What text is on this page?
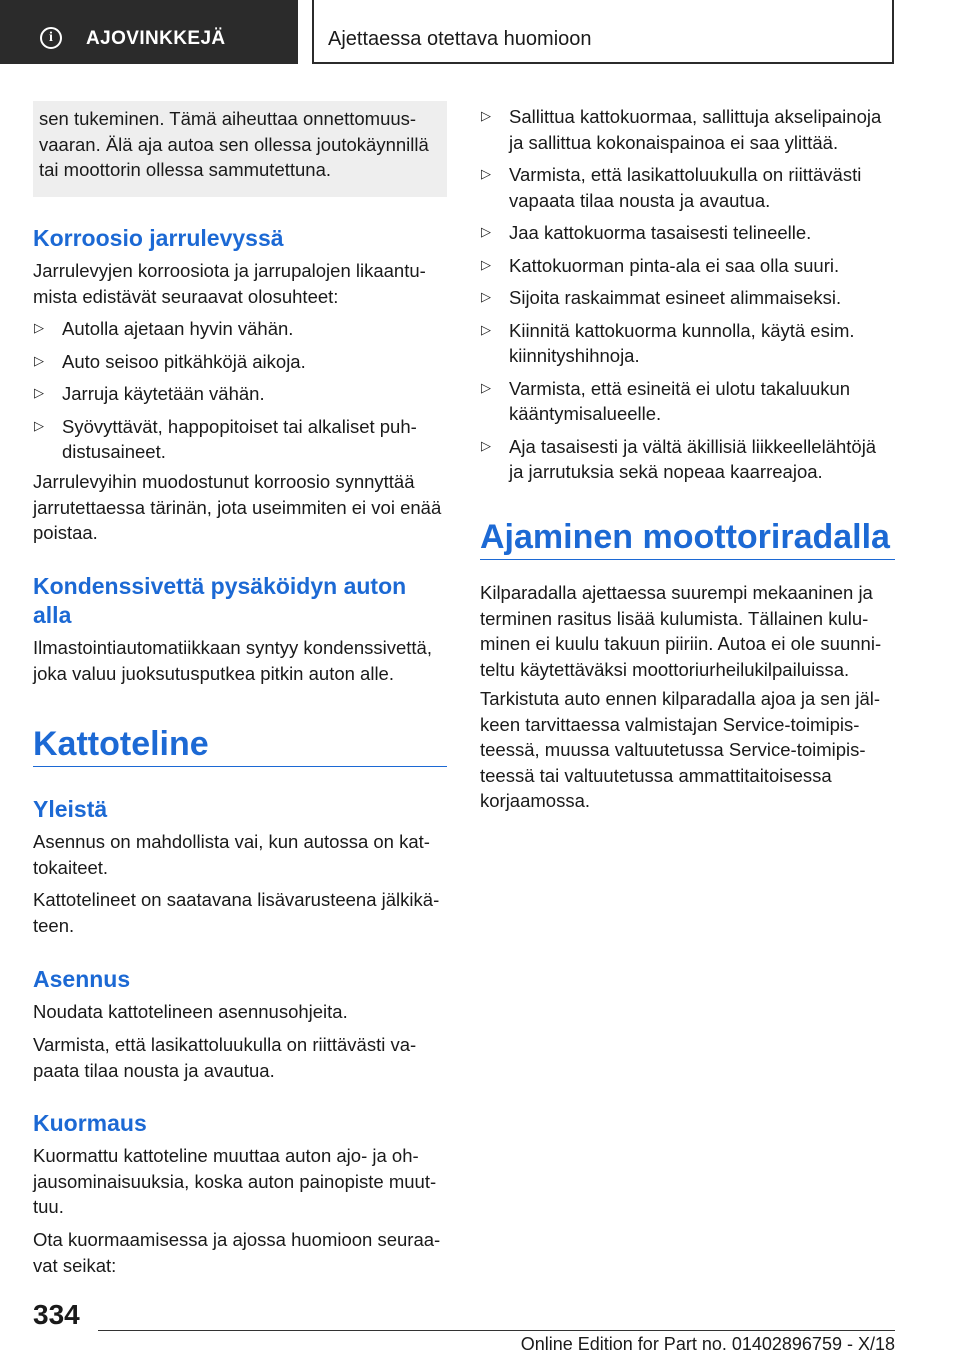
i	AJOVINKKEJÄ	Ajettaessa otettava huomioon

sen tukeminen. Tämä aiheuttaa onnettomuusvaaran. Älä aja autoa sen ollessa joutokäynnillä tai moottorin ollessa sammutettuna.

Korroosio jarrulevyssä

Jarrulevyjen korroosiota ja jarrupalojen likaantumista edistävät seuraavat olosuhteet:

▷ Autolla ajetaan hyvin vähän.
▷ Auto seisoo pitkähköjä aikoja.
▷ Jarruja käytetään vähän.
▷ Syövyttävät, happopitoiset tai alkaliset puhdistusaineet.

Jarrulevyihin muodostunut korroosio synnyttää jarrutettaessa tärinän, jota useimmiten ei voi enää poistaa.

Kondenssivettä pysäköidyn auton alla

Ilmastointiautomatiikkaan syntyy kondenssivettä, joka valuu juoksutusputkea pitkin auton alle.

Kattoteline
Yleistä

Asennus on mahdollista vai, kun autossa on kattokaiteet.

Kattotelineet on saatavana lisävarusteena jälkikäteen.

Asennus

Noudata kattotelineen asennusohjeita.

Varmista, että lasikattoluukulla on riittävästi vapaata tilaa nousta ja avautua.

Kuormaus

Kuormattu kattoteline muuttaa auton ajo- ja ohjausominaisuuksia, koska auton painopiste muuttuu.

Ota kuormaamisessa ja ajossa huomioon seuraavat seikat:

▷ Sallittua kattokuormaa, sallittuja akselipainoja ja sallittua kokonaispainoa ei saa ylittää.
▷ Varmista, että lasikattoluukulla on riittävästi vapaata tilaa nousta ja avautua.
▷ Jaa kattokuorma tasaisesti telineelle.
▷ Kattokuorman pinta-ala ei saa olla suuri.
▷ Sijoita raskaimmat esineet alimmaiseksi.
▷ Kiinnitä kattokuorma kunnolla, käytä esim. kiinnityshihnoja.
▷ Varmista, että esineitä ei ulotu takaluukun kääntymisalueelle.
▷ Aja tasaisesti ja vältä äkillisiä liikkeellelähtöjä ja jarrutuksia sekä nopeaa kaarreajoa.
Ajaminen moottoriradalla

Kilparadalla ajettaessa suurempi mekaaninen ja terminen rasitus lisää kulumista. Tällainen kuluminen ei kuulu takuun piiriin. Autoa ei ole suunniteltu käytettäväksi moottoriurheilukilpailuissa.

Tarkistuta auto ennen kilparadalla ajoa ja sen jälkeen tarvittaessa valmistajan Service-toimipisteessä, muussa valtuutetussa Service-toimipisteessä tai valtuutetussa ammattitaitoisessa korjaamossa.

334
Online Edition for Part no. 01402896759 - X/18
